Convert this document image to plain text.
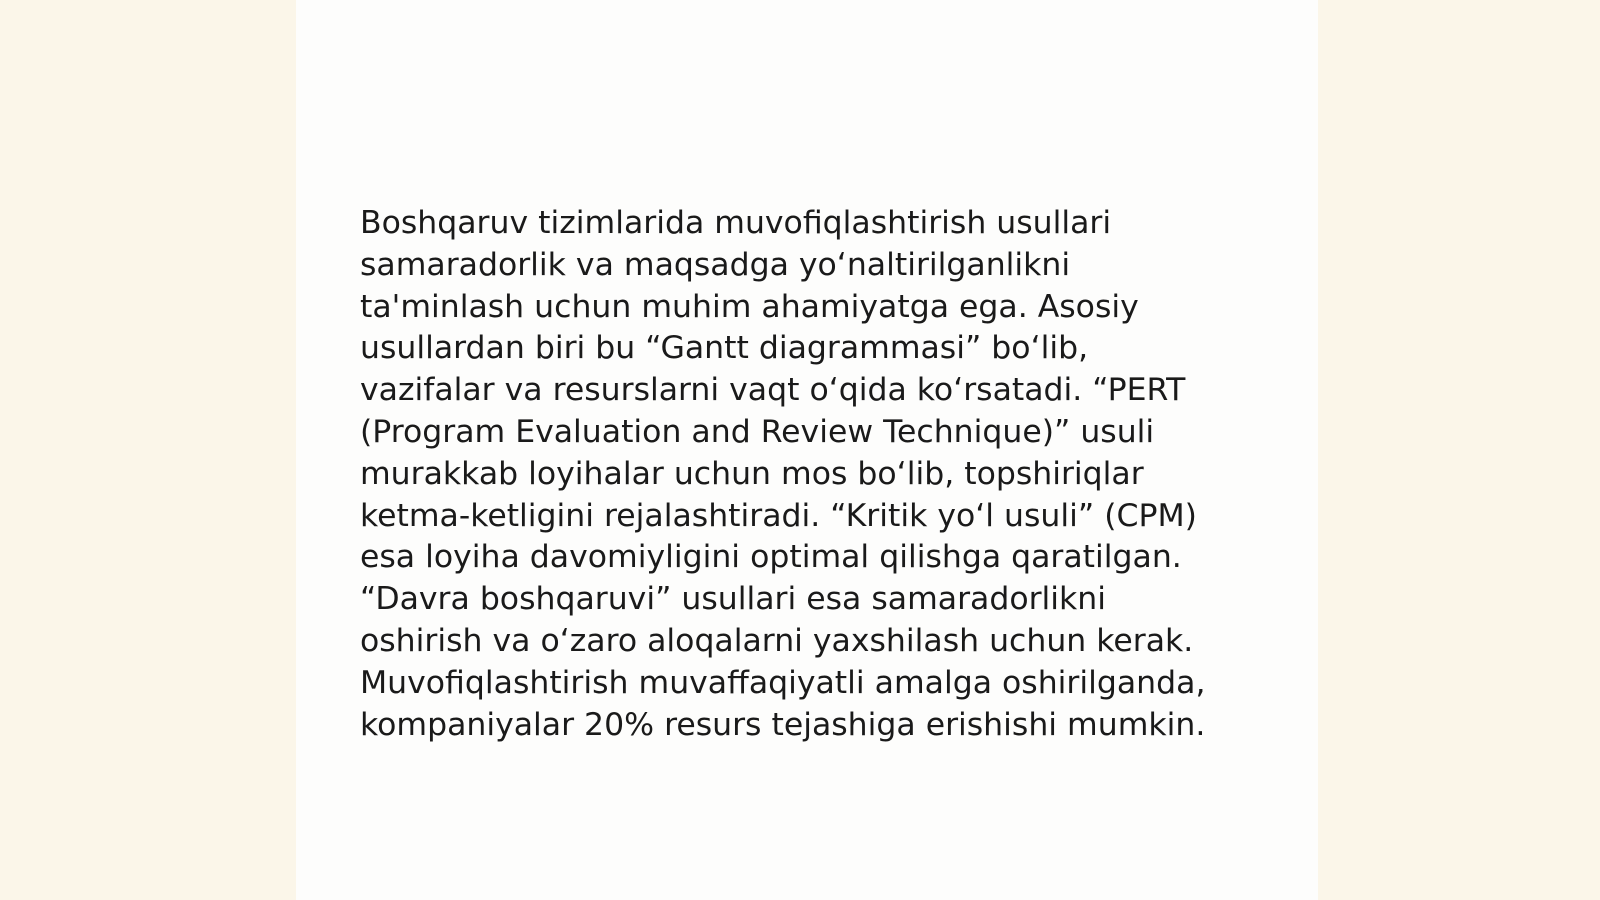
Boshqaruv tizimlarida muvofiqlashtirish usullari
samaradorlik va maqsadga yo‘naltirilganlikni
ta'minlash uchun muhim ahamiyatga ega. Asosiy
usullardan biri bu “Gantt diagrammasi” bo‘lib,
vazifalar va resurslarni vaqt o‘qida ko‘rsatadi. “PERT
(Program Evaluation and Review Technique)” usuli
murakkab loyihalar uchun mos bo‘lib, topshiriqlar
ketma-ketligini rejalashtiradi. “Kritik yo‘l usuli” (CPM)
esa loyiha davomiyligini optimal qilishga qaratilgan.
“Davra boshqaruvi” usullari esa samaradorlikni
oshirish va o‘zaro aloqalarni yaxshilash uchun kerak.
Muvofiqlashtirish muvaffaqiyatli amalga oshirilganda,
kompaniyalar 20% resurs tejashiga erishishi mumkin.
